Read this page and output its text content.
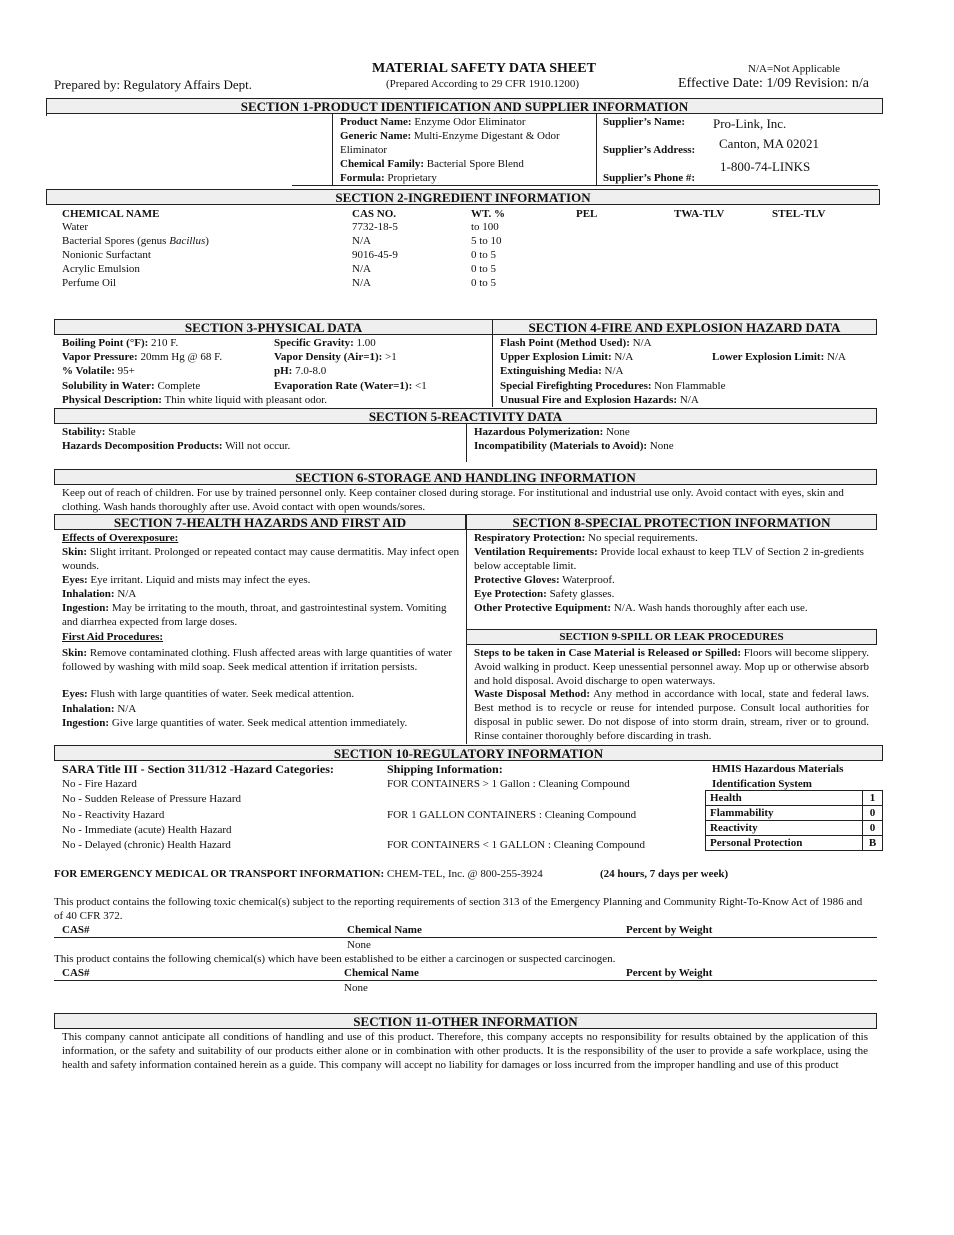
MATERIAL SAFETY DATA SHEET
(Prepared According to 29 CFR 1910.1200)
Prepared by: Regulatory Affairs Dept.
N/A=Not Applicable
Effective Date: 1/09 Revision: n/a
SECTION 1-PRODUCT IDENTIFICATION AND SUPPLIER INFORMATION
Product Name: Enzyme Odor Eliminator
Generic Name: Multi-Enzyme Digestant & Odor
Eliminator
Chemical Family: Bacterial Spore Blend
Formula: Proprietary
Supplier’s Name: Pro-Link, Inc.
Supplier’s Address: Canton, MA 02021
Supplier’s Phone #:
1-800-74-LINKS
SECTION 2-INGREDIENT INFORMATION
CHEMICAL NAME	CAS NO.	WT. %	PEL	TWA-TLV	STEL-TLV
Water	7732-18-5	to 100
Bacterial Spores (genus Bacillus)	N/A	5 to 10
Nonionic Surfactant	9016-45-9	0 to 5
Acrylic Emulsion	N/A	0 to 5
Perfume Oil	N/A	0 to 5
SECTION 3-PHYSICAL DATA	SECTION 4-FIRE AND EXPLOSION HAZARD DATA
Boiling Point (°F): 210 F.	Specific Gravity: 1.00
Vapor Pressure: 20mm Hg @ 68 F.	Vapor Density (Air=1): >1
% Volatile: 95+	pH: 7.0-8.0
Solubility in Water: Complete	Evaporation Rate (Water=1): <1
Physical Description: Thin white liquid with pleasant odor.
Flash Point (Method Used): N/A
Upper Explosion Limit: N/A	Lower Explosion Limit: N/A
Extinguishing Media: N/A
Special Firefighting Procedures: Non Flammable
Unusual Fire and Explosion Hazards: N/A
SECTION 5-REACTIVITY DATA
Stability: Stable
Hazards Decomposition Products: Will not occur.
Hazardous Polymerization: None
Incompatibility (Materials to Avoid): None
SECTION 6-STORAGE AND HANDLING INFORMATION
Keep out of reach of children. For use by trained personnel only. Keep container closed during storage. For institutional and industrial use only. Avoid contact with eyes, skin and clothing. Wash hands thoroughly after use. Avoid contact with open wounds/sores.
SECTION 7-HEALTH HAZARDS AND FIRST AID	SECTION 8-SPECIAL PROTECTION INFORMATION
Effects of Overexposure:
Skin: Slight irritant. Prolonged or repeated contact may cause dermatitis. May infect open wounds.
Eyes: Eye irritant. Liquid and mists may infect the eyes.
Inhalation: N/A
Ingestion: May be irritating to the mouth, throat, and gastrointestinal system. Vomiting and diarrhea expected from large doses.
First Aid Procedures:
Skin: Remove contaminated clothing. Flush affected areas with large quantities of water followed by washing with mild soap. Seek medical attention if irritation persists.
Eyes: Flush with large quantities of water. Seek medical attention.
Inhalation: N/A
Ingestion: Give large quantities of water. Seek medical attention immediately.
Respiratory Protection: No special requirements.
Ventilation Requirements: Provide local exhaust to keep TLV of Section 2 in-gredients below acceptable limit.
Protective Gloves: Waterproof.
Eye Protection: Safety glasses.
Other Protective Equipment: N/A. Wash hands thoroughly after each use.
SECTION 9-SPILL OR LEAK PROCEDURES
Steps to be taken in Case Material is Released or Spilled: Floors will become slippery. Avoid walking in product. Keep unessential personnel away. Mop up or otherwise absorb and hold disposal. Avoid discharge to open waterways.
Waste Disposal Method: Any method in accordance with local, state and federal laws. Best method is to recycle or reuse for intended purpose. Consult local authorities for disposal in public sewer. Do not dispose of into storm drain, stream, river or to ground. Rinse container thoroughly before discarding in trash.
SECTION 10-REGULATORY INFORMATION
SARA Title III - Section 311/312 -Hazard Categories:
No - Fire Hazard
No - Sudden Release of Pressure Hazard
No - Reactivity Hazard
No - Immediate (acute) Health Hazard
No - Delayed (chronic) Health Hazard
Shipping Information:
FOR CONTAINERS > 1 Gallon : Cleaning Compound
FOR 1 GALLON CONTAINERS : Cleaning Compound
FOR CONTAINERS < 1 GALLON : Cleaning Compound
HMIS Hazardous Materials
Identification System
Health	1
Flammability	0
Reactivity	0
Personal Protection	B
FOR EMERGENCY MEDICAL OR TRANSPORT INFORMATION: CHEM-TEL, Inc. @ 800-255-3924	(24 hours, 7 days per week)
This product contains the following toxic chemical(s) subject to the reporting requirements of section 313 of the Emergency Planning and Community Right-To-Know Act of 1986 and of 40 CFR 372.
CAS#	Chemical Name	Percent by Weight
None
This product contains the following chemical(s) which have been established to be either a carcinogen or suspected carcinogen.
CAS#	Chemical Name	Percent by Weight
None
SECTION 11-OTHER INFORMATION
This company cannot anticipate all conditions of handling and use of this product. Therefore, this company accepts no responsibility for results obtained by the application of this information, or the safety and suitability of our products either alone or in combination with other products. It is the responsibility of the user to provide a safe workplace, using the health and safety information contained herein as a guide. This company will accept no liability for damages or loss incurred from the improper handling and use of this product
